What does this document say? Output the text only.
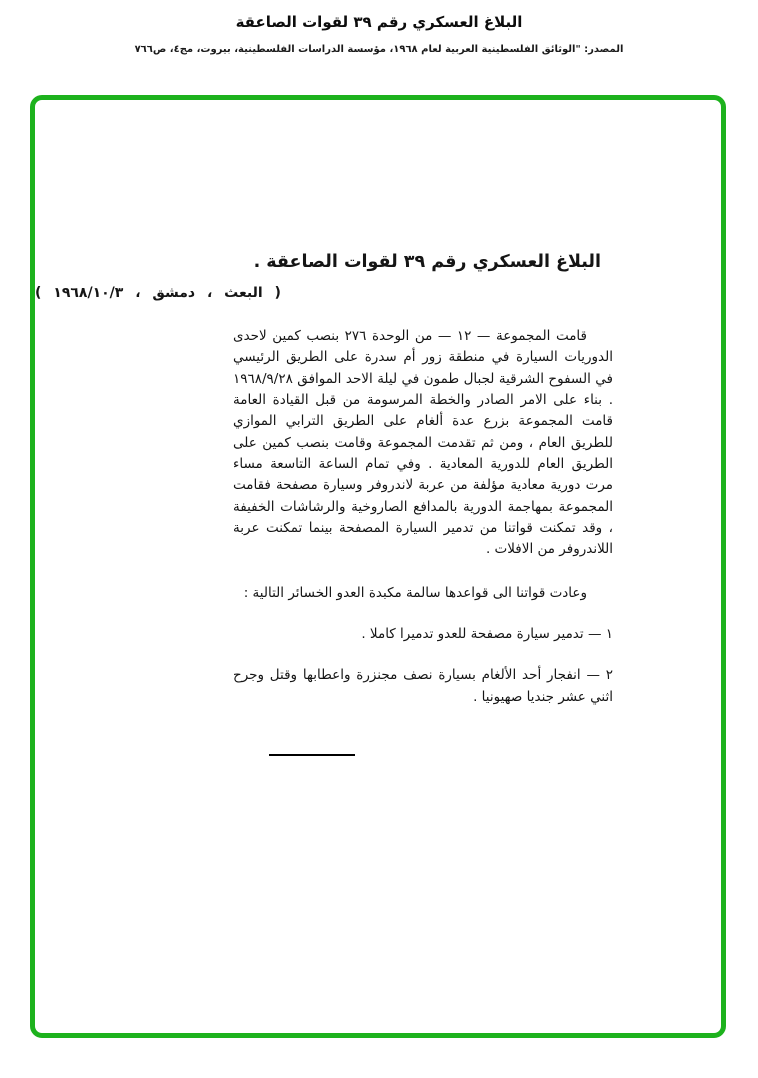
البلاغ العسكري رقم ٣٩ لقوات الصاعقة
المصدر: "الوثائق الفلسطينية العربية لعام ١٩٦٨، مؤسسة الدراسات الفلسطينية، بيروت، مج٤، ص٧٦٦
البلاغ العسكري رقم ٣٩ لقوات الصاعقة .
( البعث ، دمشق ، ١٩٦٨/١٠/٣ )

قامت المجموعة — ١٢ — من الوحدة ٢٧٦ بنصب كمين لاحدى الدوريات السيارة في منطقة زور أم سدرة على الطريق الرئيسي في السفوح الشرقية لجبال طمون في ليلة الاحد الموافق ١٩٦٨/٩/٢٨ . بناء على الامر الصادر والخطة المرسومة من قبل القيادة العامة قامت المجموعة بزرع عدة ألغام على الطريق الترابي الموازي للطريق العام ، ومن ثم تقدمت المجموعة وقامت بنصب كمين على الطريق العام للدورية المعادية . وفي تمام الساعة التاسعة مساء مرت دورية معادية مؤلفة من عربة لاندروفر وسيارة مصفحة فقامت المجموعة بمهاجمة الدورية بالمدافع الصاروخية والرشاشات الخفيفة ، وقد تمكنت قواتنا من تدمير السيارة المصفحة بينما تمكنت عربة اللاندروفر من الافلات .

وعادت قواتنا الى قواعدها سالمة مكبدة العدو الخسائر التالية :

١ — تدمير سيارة مصفحة للعدو تدميرا كاملا .

٢ — انفجار أحد الألغام بسيارة نصف مجنزرة واعطابها وقتل وجرح اثني عشر جنديا صهيونيا .
